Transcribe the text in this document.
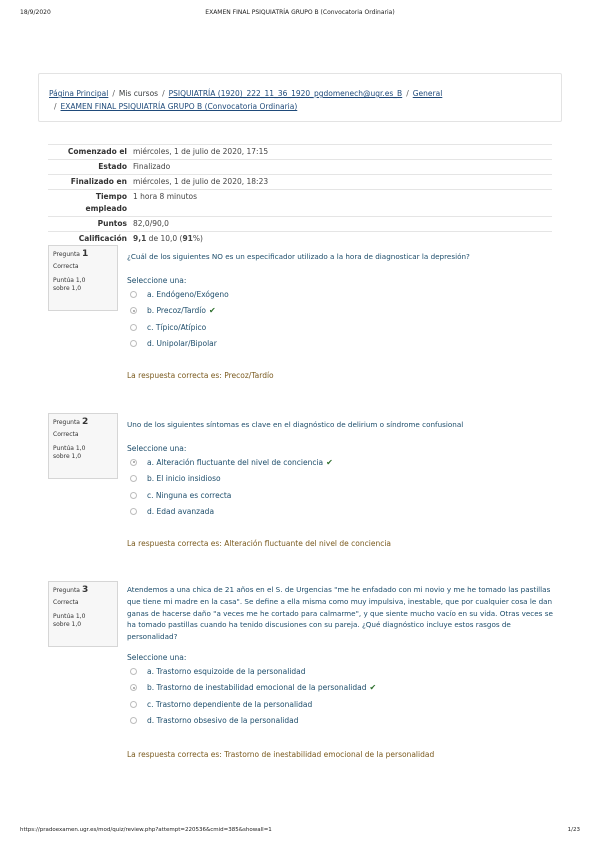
18/9/2020	EXAMEN FINAL PSIQUIATRÍA GRUPO B (Convocatoria Ordinaria)
Página Principal / Mis cursos / PSIQUIATRÍA (1920)_222_11_36_1920_pgdomenech@ugr.es_B / General
/ EXAMEN FINAL PSIQUIATRÍA GRUPO B (Convocatoria Ordinaria)
Comenzado el	miércoles, 1 de julio de 2020, 17:15
Estado	Finalizado
Finalizado en	miércoles, 1 de julio de 2020, 18:23
Tiempo
empleado	1 hora 8 minutos
Puntos	82,0/90,0
Calificación	9,1 de 10,0 (91%)
Pregunta 1
Correcta
Puntúa 1,0
sobre 1,0
¿Cuál de los siguientes NO es un especificador utilizado a la hora de diagnosticar la depresión?
Seleccione una:
a. Endógeno/Exógeno
b. Precoz/Tardío ✔
c. Típico/Atípico
d. Unipolar/Bipolar
La respuesta correcta es: Precoz/Tardío
Pregunta 2
Correcta
Puntúa 1,0
sobre 1,0
Uno de los siguientes síntomas es clave en el diagnóstico de delirium o síndrome confusional
Seleccione una:
a. Alteración fluctuante del nivel de conciencia ✔
b. El inicio insidioso
c. Ninguna es correcta
d. Edad avanzada
La respuesta correcta es: Alteración fluctuante del nivel de conciencia
Pregunta 3
Correcta
Puntúa 1,0
sobre 1,0
Atendemos a una chica de 21 años en el S. de Urgencias "me he enfadado con mi novio y me he tomado las pastillas
que tiene mi madre en la casa". Se define a ella misma como muy impulsiva, inestable, que por cualquier cosa le dan
ganas de hacerse daño "a veces me he cortado para calmarme", y que siente mucho vacío en su vida. Otras veces se
ha tomado pastillas cuando ha tenido discusiones con su pareja. ¿Qué diagnóstico incluye estos rasgos de
personalidad?
Seleccione una:
a. Trastorno esquizoide de la personalidad
b. Trastorno de inestabilidad emocional de la personalidad ✔
c. Trastorno dependiente de la personalidad
d. Trastorno obsesivo de la personalidad
La respuesta correcta es: Trastorno de inestabilidad emocional de la personalidad
https://pradoexamen.ugr.es/mod/quiz/review.php?attempt=220536&cmid=385&showall=1	1/23
